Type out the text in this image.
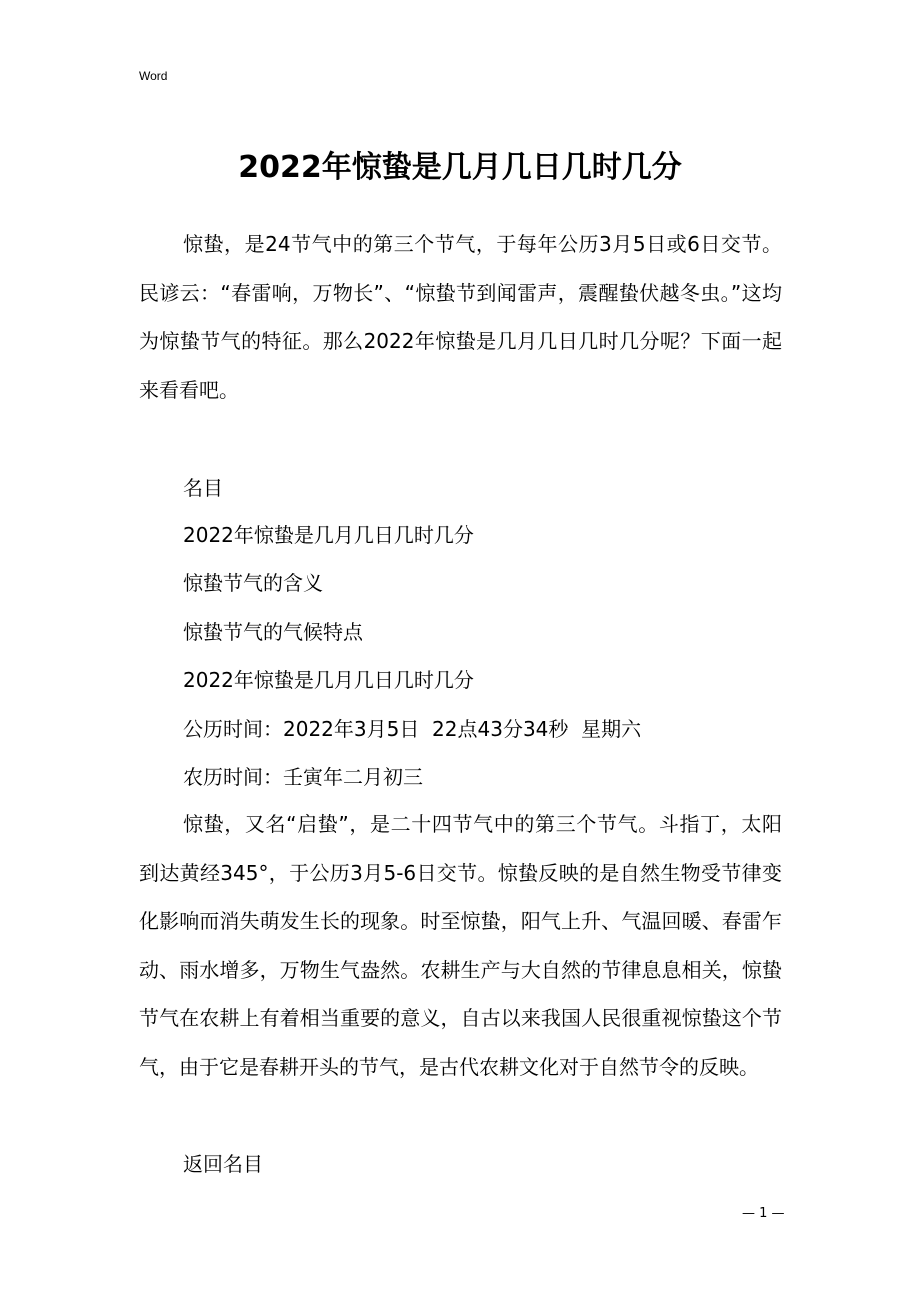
Word
2022年惊蛰是几月几日几时几分

惊蛰，是24节气中的第三个节气，于每年公历3月5日或6日交节。民谚云：“春雷响，万物长”、“惊蛰节到闻雷声，震醒蛰伏越冬虫。”这均为惊蛰节气的特征。那么2022年惊蛰是几月几日几时几分呢？下面一起来看看吧。

名目

2022年惊蛰是几月几日几时几分

惊蛰节气的含义

惊蛰节气的气候特点

2022年惊蛰是几月几日几时几分

公历时间：2022年3月5日  22点43分34秒  星期六

农历时间：壬寅年二月初三

惊蛰，又名“启蛰”，是二十四节气中的第三个节气。斗指丁，太阳到达黄经345°，于公历3月5-6日交节。惊蛰反映的是自然生物受节律变化影响而消失萌发生长的现象。时至惊蛰，阳气上升、气温回暖、春雷乍动、雨水增多，万物生气盎然。农耕生产与大自然的节律息息相关，惊蛰节气在农耕上有着相当重要的意义，自古以来我国人民很重视惊蛰这个节气，由于它是春耕开头的节气，是古代农耕文化对于自然节令的反映。

返回名目

— 1 —
